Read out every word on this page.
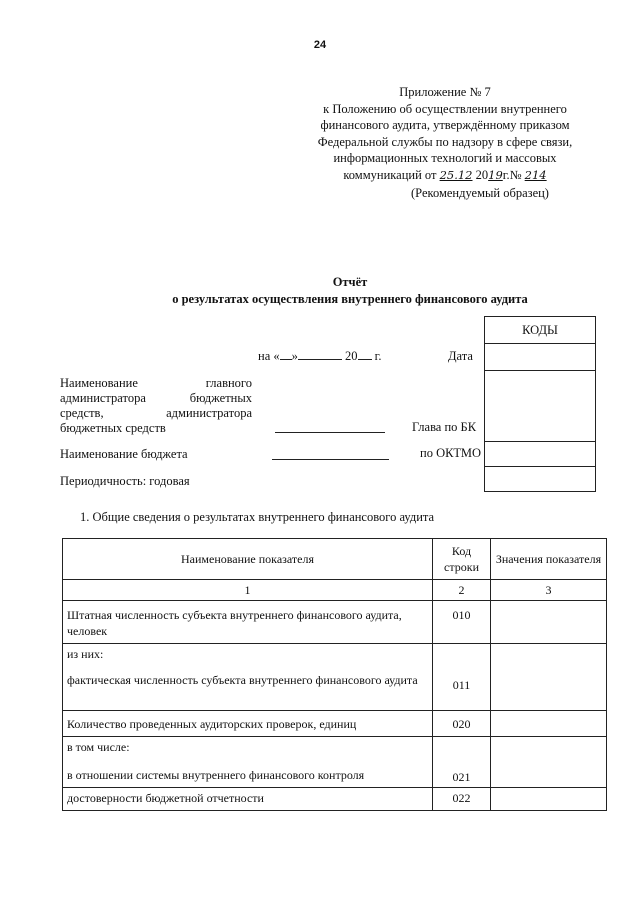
24
Приложение № 7
к Положению об осуществлении внутреннего
финансового аудита, утверждённому приказом
Федеральной службы по надзору в сфере связи,
информационных технологий и массовых
коммуникаций от 25.12 2019г.№ 214
(Рекомендуемый образец)
Отчёт
о результатах осуществления внутреннего финансового аудита
КОДЫ

на « »	20 г.	Дата
Наименование главного
администратора бюджетных
средств, администратора
бюджетных средств	Глава по БК
Наименование бюджета	по ОКТМО
Периодичность: годовая
1. Общие сведения о результатах внутреннего финансового аудита
Наименование показателя	Код строки	Значения показателя
1	2	3
Штатная численность субъекта внутреннего финансового аудита, человек	010	

из них:
фактическая численность субъекта внутреннего финансового аудита	011	
Количество проведенных аудиторских проверок, единиц	020	

в том числе:
в отношении системы внутреннего финансового контроля	021	
достоверности бюджетной отчетности	022	
